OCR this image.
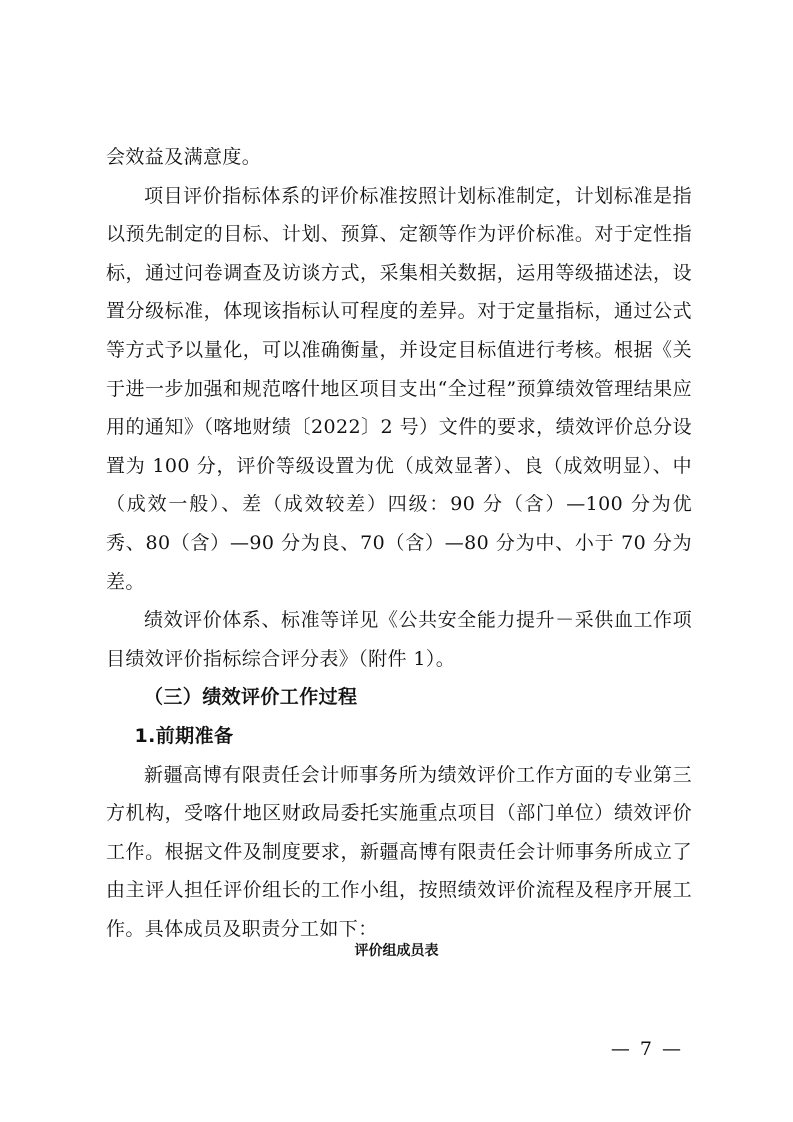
会效益及满意度。

项目评价指标体系的评价标准按照计划标准制定，计划标准是指以预先制定的目标、计划、预算、定额等作为评价标准。对于定性指标，通过问卷调查及访谈方式，采集相关数据，运用等级描述法，设置分级标准，体现该指标认可程度的差异。对于定量指标，通过公式等方式予以量化，可以准确衡量，并设定目标值进行考核。根据《关于进一步加强和规范喀什地区项目支出“全过程”预算绩效管理结果应用的通知》（喀地财绩〔2022〕2 号）文件的要求，绩效评价总分设置为 100 分，评价等级设置为优（成效显著）、良（成效明显）、中（成效一般）、差（成效较差）四级：90 分（含）—100 分为优秀、80（含）—90 分为良、70（含）—80 分为中、小于 70 分为差。

绩效评价体系、标准等详见《公共安全能力提升－采供血工作项目绩效评价指标综合评分表》（附件 1）。

（三）绩效评价工作过程

1.前期准备

新疆高博有限责任会计师事务所为绩效评价工作方面的专业第三方机构，受喀什地区财政局委托实施重点项目（部门单位）绩效评价工作。根据文件及制度要求，新疆高博有限责任会计师事务所成立了由主评人担任评价组长的工作小组，按照绩效评价流程及程序开展工作。具体成员及职责分工如下：

评价组成员表
— 7 —
